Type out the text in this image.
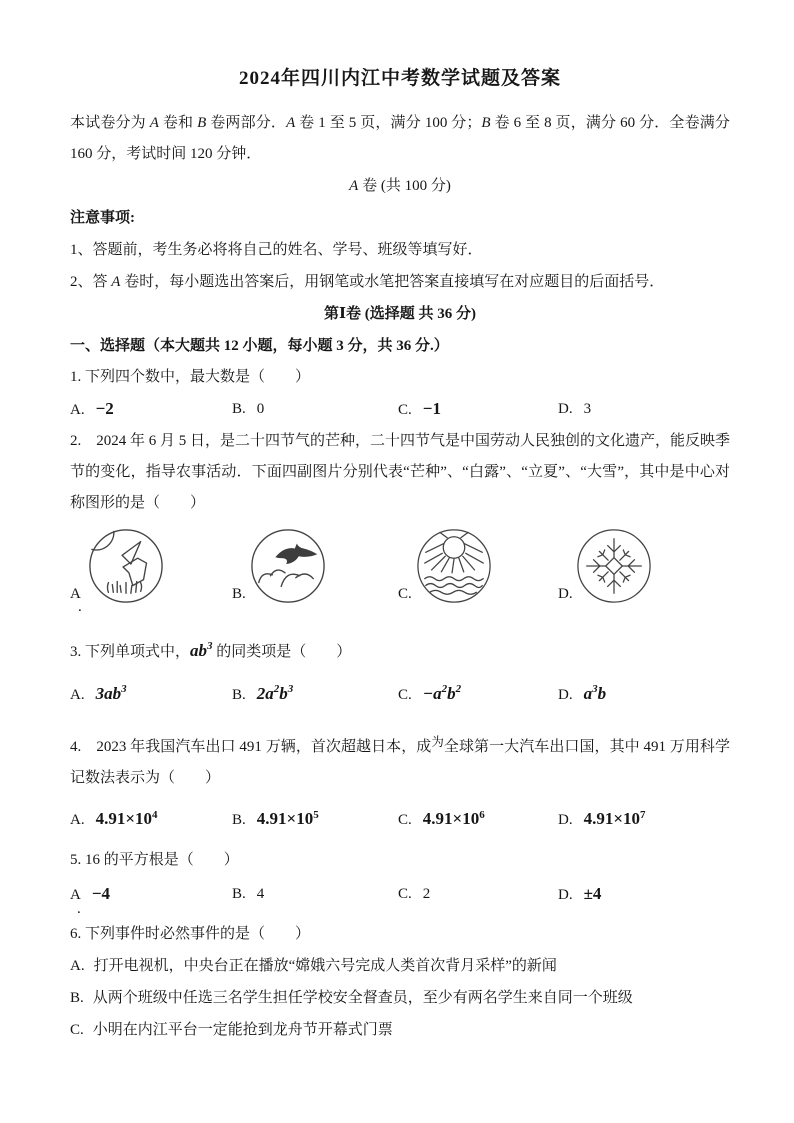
2024年四川内江中考数学试题及答案

本试卷分为 A 卷和 B 卷两部分．A 卷 1 至 5 页，满分 100 分；B 卷 6 至 8 页，满分 60 分．全卷满分 160 分，考试时间 120 分钟．

A 卷 (共 100 分)

注意事项:

1、答题前，考生务必将将自己的姓名、学号、班级等填写好．

2、答 A 卷时，每小题选出答案后，用钢笔或水笔把答案直接填写在对应题目的后面括号．

第Ⅰ卷 (选择题 共 36 分)

一、选择题（本大题共 12 小题，每小题 3 分，共 36 分.）

1. 下列四个数中，最大数是（　　）

A. −2	B. 0	C. −1	D. 3

2.　2024 年 6 月 5 日，是二十四节气的芒种，二十四节气是中国劳动人民独创的文化遗产，能反映季节的变化，指导农事活动．下面四副图片分别代表“芒种”、“白露”、“立夏”、“大雪”，其中是中心对称图形的是（　　）

A
.
B.	C.	D.

3. 下列单项式中，$ab^3$ 的同类项是（　　）

A. $3ab^3$	B. $2a^2b^3$	C. $-a^2b^2$	D. $a^3b$

4.　2023 年我国汽车出口 491 万辆，首次超越日本，成$^为$全球第一大汽车出口国，其中 491 万用科学记数法表示为（　　）

A. $4.91\times 10^4$	B. $4.91\times 10^5$	C. $4.91\times 10^6$	D. $4.91\times 10^7$

5. 16 的平方根是（　　）

A
.
−4	B. 4	C. 2	D. ±4

6. 下列事件时必然事件的是（　　）

A. 打开电视机，中央台正在播放“嫦娥六号完成人类首次背月采样”的新闻

B. 从两个班级中任选三名学生担任学校安全督查员，至少有两名学生来自同一个班级

C. 小明在内江平台一定能抢到龙舟节开幕式门票
